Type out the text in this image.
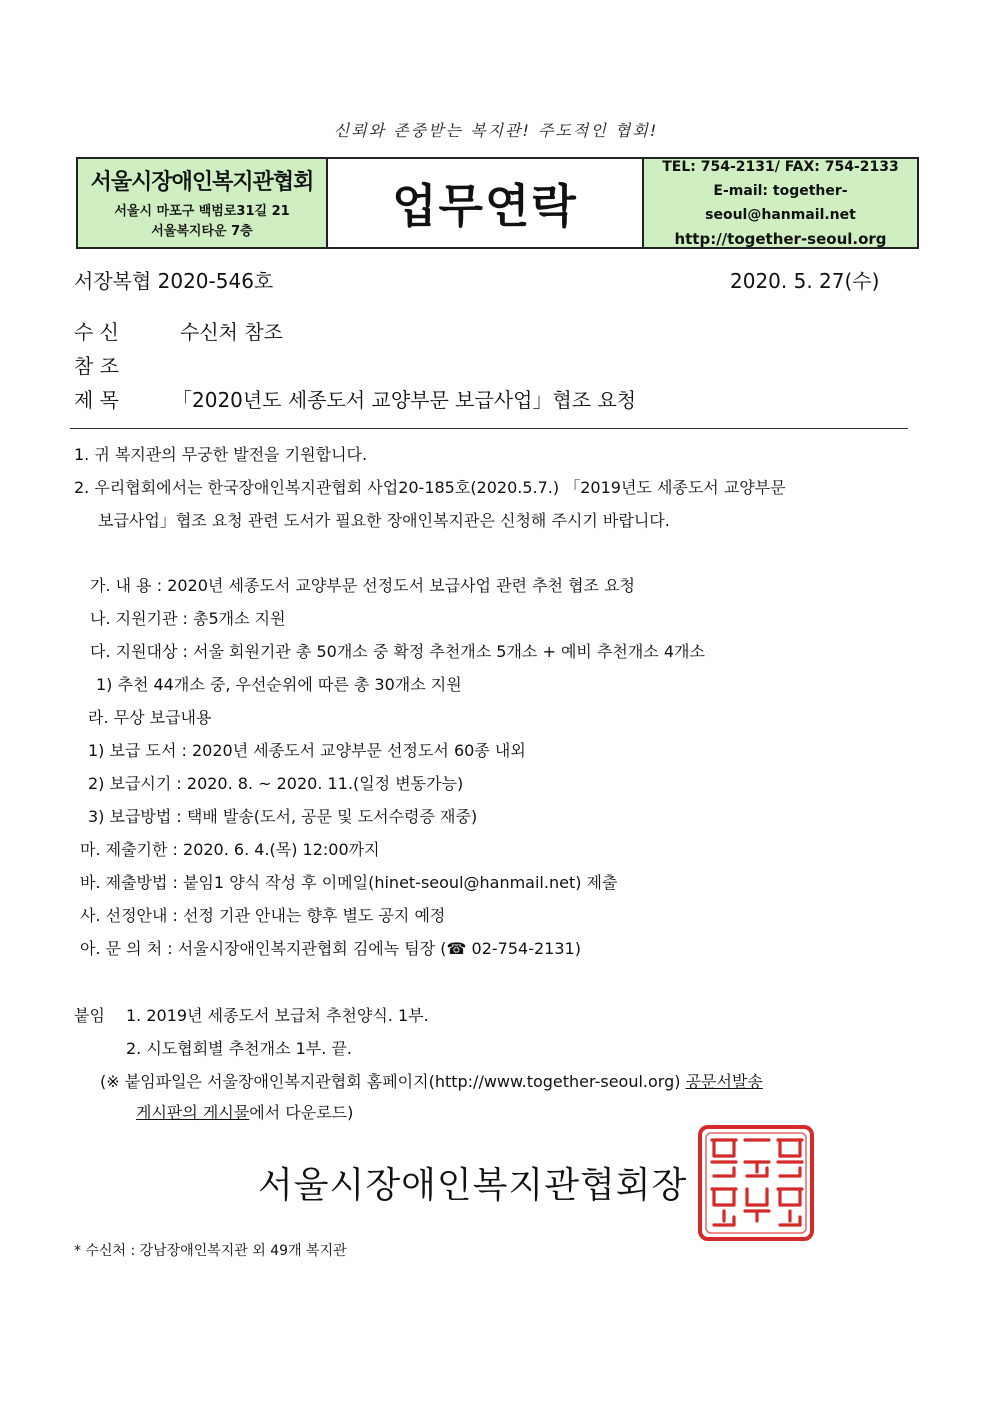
신뢰와 존중받는 복지관! 주도적인 협회!
서울시장애인복지관협회
서울시 마포구 백범로31길 21
서울복지타운 7층	업무연락
TEL: 754-2131/ FAX: 754-2133
E-mail: together-seoul@hanmail.net
http://together-seoul.org
서장복협 2020-546호	2020. 5. 27(수)
수 신	수신처 참조
참 조
제 목	「2020년도 세종도서 교양부문 보급사업」협조 요청
1. 귀 복지관의 무궁한 발전을 기원합니다.
2. 우리협회에서는 한국장애인복지관협회 사업20-185호(2020.5.7.) 「2019년도 세종도서 교양부문
보급사업」협조 요청 관련 도서가 필요한 장애인복지관은 신청해 주시기 바랍니다.
가. 내 용 : 2020년 세종도서 교양부문 선정도서 보급사업 관련 추천 협조 요청
나. 지원기관 : 총5개소 지원
다. 지원대상 : 서울 회원기관 총 50개소 중 확정 추천개소 5개소 + 예비 추천개소 4개소
1) 추천 44개소 중, 우선순위에 따른 총 30개소 지원
라. 무상 보급내용
1) 보급 도서 : 2020년 세종도서 교양부문 선정도서 60종 내외
2) 보급시기 : 2020. 8. ~ 2020. 11.(일정 변동가능)
3) 보급방법 : 택배 발송(도서, 공문 및 도서수령증 재중)
마. 제출기한 : 2020. 6. 4.(목) 12:00까지
바. 제출방법 : 붙임1 양식 작성 후 이메일(hinet-seoul@hanmail.net) 제출
사. 선정안내 : 선정 기관 안내는 향후 별도 공지 예정
아. 문 의 처 : 서울시장애인복지관협회 김에녹 팀장 (☎ 02-754-2131)
붙임 1. 2019년 세종도서 보급처 추천양식. 1부.
2. 시도협회별 추천개소 1부. 끝.
(※ 붙임파일은 서울장애인복지관협회 홈페이지(http://www.together-seoul.org) 공문서발송
게시판의 게시물에서 다운로드)
서울시장애인복지관협회장
* 수신처 : 강남장애인복지관 외 49개 복지관
